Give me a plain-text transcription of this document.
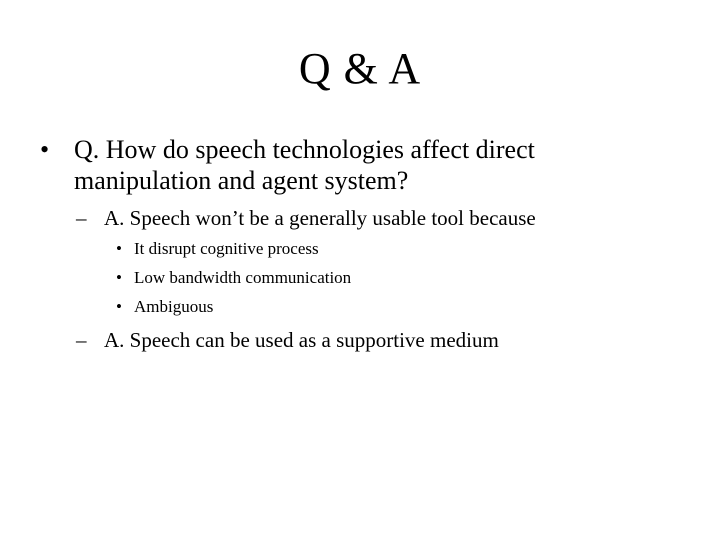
Q & A
• Q. How do speech technologies affect direct manipulation and agent system?
– A. Speech won’t be a generally usable tool because
• It disrupt cognitive process
• Low bandwidth communication
• Ambiguous
– A. Speech can be used as a supportive medium
